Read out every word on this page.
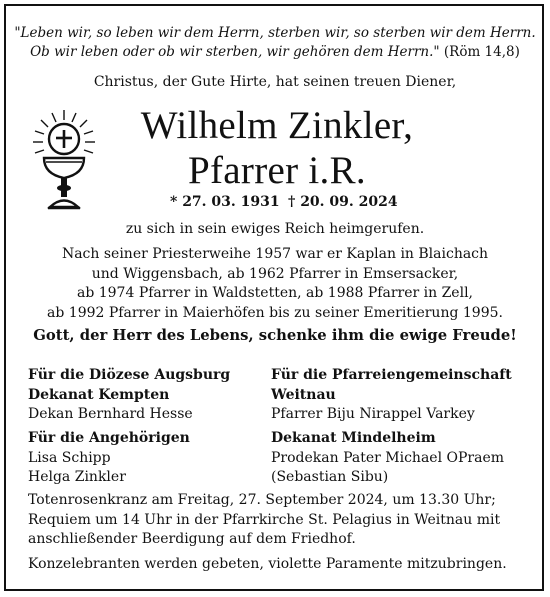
"Leben wir, so leben wir dem Herrn, sterben wir, so sterben wir dem Herrn.
Ob wir leben oder ob wir sterben, wir gehören dem Herrn." (Röm 14,8)
Christus, der Gute Hirte, hat seinen treuen Diener,
Wilhelm Zinkler,
Pfarrer i.R.
* 27. 03. 1931 † 20. 09. 2024
zu sich in sein ewiges Reich heimgerufen.
Nach seiner Priesterweihe 1957 war er Kaplan in Blaichach
und Wiggensbach, ab 1962 Pfarrer in Emsersacker,
ab 1974 Pfarrer in Waldstetten, ab 1988 Pfarrer in Zell,
ab 1992 Pfarrer in Maierhöfen bis zu seiner Emeritierung 1995.
Gott, der Herr des Lebens, schenke ihm die ewige Freude!
Für die Diözese Augsburg
Dekanat Kempten
Dekan Bernhard Hesse
Für die Pfarreiengemeinschaft
Weitnau
Pfarrer Biju Nirappel Varkey
Für die Angehörigen
Lisa Schipp
Helga Zinkler
Dekanat Mindelheim
Prodekan Pater Michael OPraem
(Sebastian Sibu)
Totenrosenkranz am Freitag, 27. September 2024, um 13.30 Uhr;
Requiem um 14 Uhr in der Pfarrkirche St. Pelagius in Weitnau mit
anschließender Beerdigung auf dem Friedhof.
Konzelebranten werden gebeten, violette Paramente mitzubringen.
